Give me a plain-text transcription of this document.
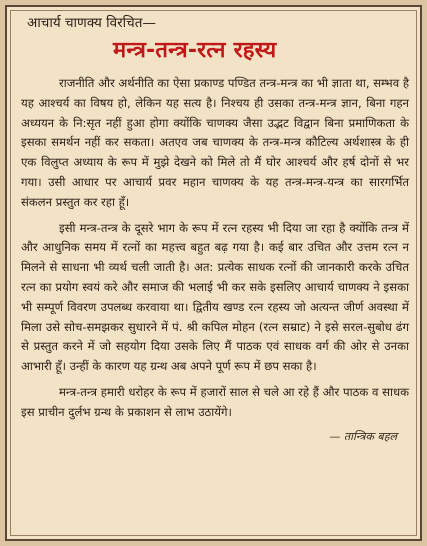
आचार्य चाणक्य विरचित—
मन्त्र-तन्त्र-रत्न रहस्य

राजनीति और अर्थनीति का ऐसा प्रकाण्ड पण्डित तन्त्र-मन्त्र का भी ज्ञाता था, सम्भव है यह आश्चर्य का विषय हो, लेकिन यह सत्य है। निश्चय ही उसका तन्त्र-मन्त्र ज्ञान, बिना गहन अध्ययन के नि:सृत नहीं हुआ होगा क्योंकि चाणक्य जैसा उद्भट विद्वान बिना प्रमाणिकता के इसका समर्थन नहीं कर सकता। अतएव जब चाणक्य के तन्त्र-मन्त्र कौटिल्य अर्थशास्त्र के ही एक विलुप्त अध्याय के रूप में मुझे देखने को मिले तो मैं घोर आश्चर्य और हर्ष दोनों से भर गया। उसी आधार पर आचार्य प्रवर महान चाणक्य के यह तन्त्र-मन्त्र-यन्त्र का सारगर्भित संकलन प्रस्तुत कर रहा हूँ।

इसी मन्त्र-तन्त्र के दूसरे भाग के रूप में रत्न रहस्य भी दिया जा रहा है क्योंकि तन्त्र में और आधुनिक समय में रत्नों का महत्त्व बहुत बढ़ गया है। कई बार उचित और उत्तम रत्न न मिलने से साधना भी व्यर्थ चली जाती है। अत: प्रत्येक साधक रत्नों की जानकारी करके उचित रत्न का प्रयोग स्वयं करे और समाज की भलाई भी कर सके इसलिए आचार्य चाणक्य ने इसका भी सम्पूर्ण विवरण उपलब्ध करवाया था। द्वितीय खण्ड रत्न रहस्य जो अत्यन्त जीर्ण अवस्था में मिला उसे सोच-समझकर सुधारने में पं. श्री कपिल मोहन (रत्न सम्राट) ने इसे सरल-सुबोध ढंग से प्रस्तुत करने में जो सहयोग दिया उसके लिए मैं पाठक एवं साधक वर्ग की ओर से उनका आभारी हूँ। उन्हीं के कारण यह ग्रन्थ अब अपने पूर्ण रूप में छप सका है।

मन्त्र-तन्त्र हमारी धरोहर के रूप में हजारों साल से चले आ रहे हैं और पाठक व साधक इस प्राचीन दुर्लभ ग्रन्थ के प्रकाशन से लाभ उठायेंगे।

— तान्त्रिक बहल
